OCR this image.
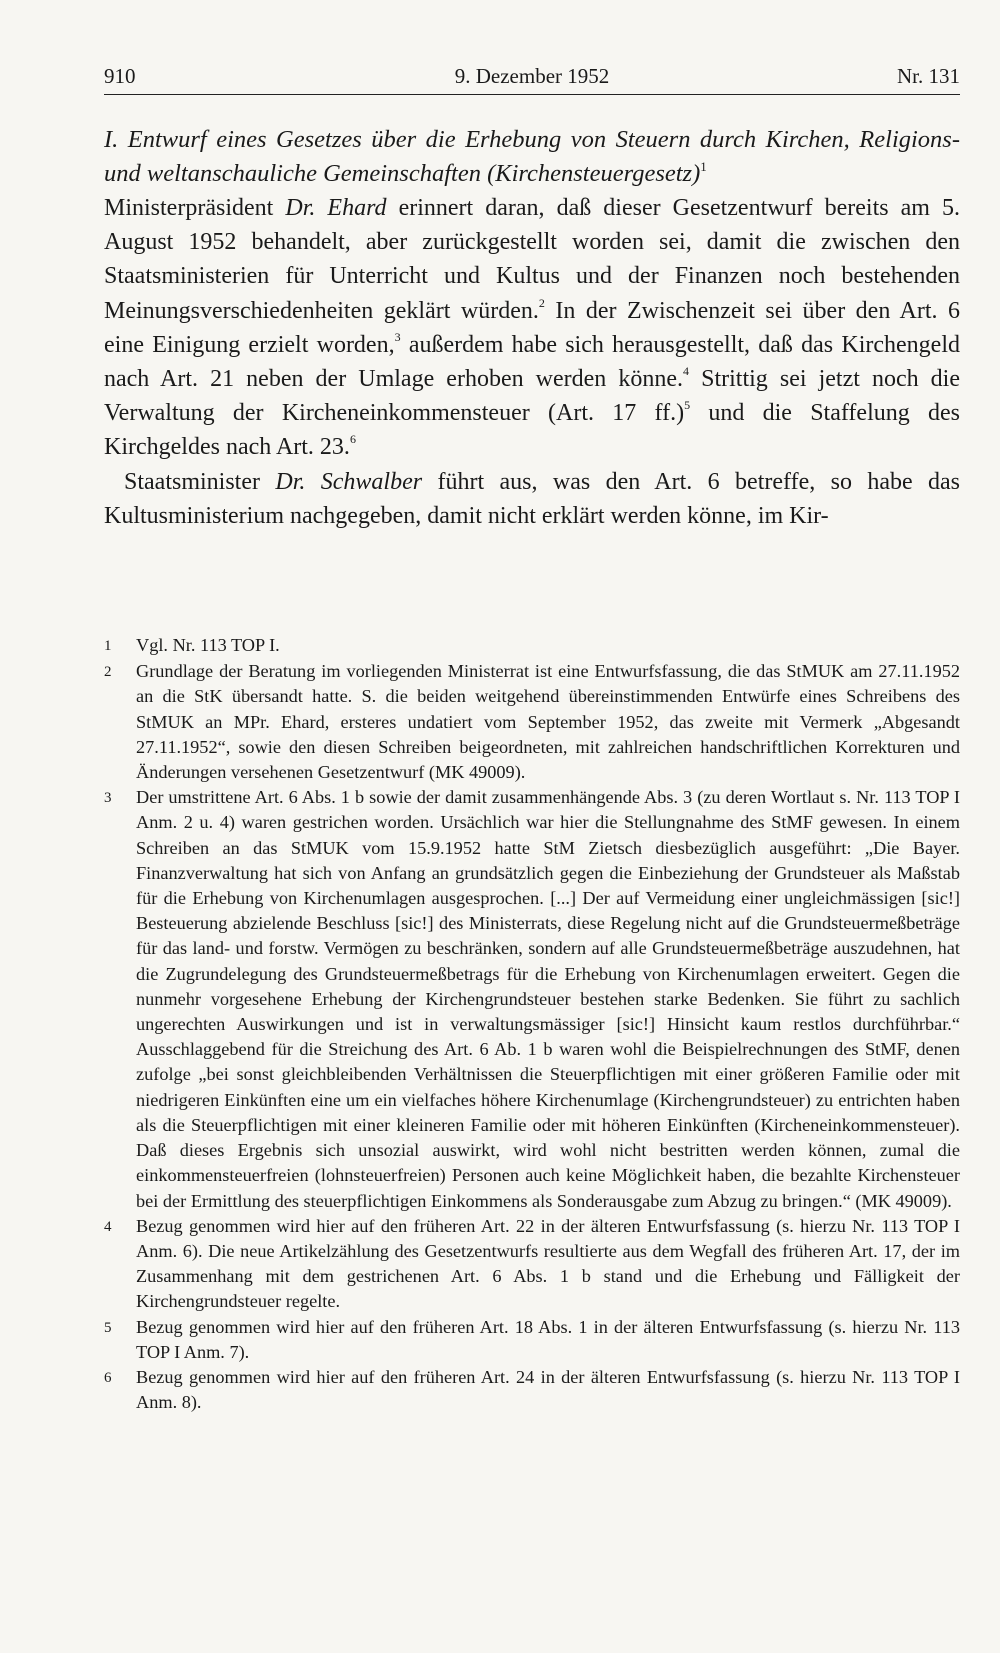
910	9. Dezember 1952	Nr. 131
I. Entwurf eines Gesetzes über die Erhebung von Steuern durch Kirchen, Religions- und weltanschauliche Gemeinschaften (Kirchensteuergesetz)$^1$

Ministerpräsident Dr. Ehard erinnert daran, daß dieser Gesetzentwurf bereits am 5. August 1952 behandelt, aber zurückgestellt worden sei, damit die zwischen den Staatsministerien für Unterricht und Kultus und der Finanzen noch bestehenden Meinungsverschiedenheiten geklärt würden.$^2$ In der Zwischenzeit sei über den Art. 6 eine Einigung erzielt worden,$^3$ außerdem habe sich herausgestellt, daß das Kirchengeld nach Art. 21 neben der Umlage erhoben werden könne.$^4$ Strittig sei jetzt noch die Verwaltung der Kircheneinkommensteuer (Art. 17 ff.)$^5$ und die Staffelung des Kirchgeldes nach Art. 23.$^6$

Staatsminister Dr. Schwalber führt aus, was den Art. 6 betreffe, so habe das Kultusministerium nachgegeben, damit nicht erklärt werden könne, im Kir-

1	Vgl. Nr. 113 TOP I.
2	Grundlage der Beratung im vorliegenden Ministerrat ist eine Entwurfsfassung, die das StMUK am 27.11.1952 an die StK übersandt hatte. S. die beiden weitgehend übereinstimmenden Entwürfe eines Schreibens des StMUK an MPr. Ehard, ersteres undatiert vom September 1952, das zweite mit Vermerk „Abgesandt 27.11.1952“, sowie den diesen Schreiben beigeordneten, mit zahlreichen handschriftlichen Korrekturen und Änderungen versehenen Gesetzentwurf (MK 49009).
3	Der umstrittene Art. 6 Abs. 1 b sowie der damit zusammenhängende Abs. 3 (zu deren Wortlaut s. Nr. 113 TOP I Anm. 2 u. 4) waren gestrichen worden. Ursächlich war hier die Stellungnahme des StMF gewesen. In einem Schreiben an das StMUK vom 15.9.1952 hatte StM Zietsch diesbezüglich ausgeführt: „Die Bayer. Finanzverwaltung hat sich von Anfang an grundsätzlich gegen die Einbeziehung der Grundsteuer als Maßstab für die Erhebung von Kirchenumlagen ausgesprochen. [...] Der auf Vermeidung einer ungleichmässigen [sic!] Besteuerung abzielende Beschluss [sic!] des Ministerrats, diese Regelung nicht auf die Grundsteuermeßbeträge für das land- und forstw. Vermögen zu beschränken, sondern auf alle Grundsteuermeßbeträge auszudehnen, hat die Zugrundelegung des Grundsteuermeßbetrags für die Erhebung von Kirchenumlagen erweitert. Gegen die nunmehr vorgesehene Erhebung der Kirchengrundsteuer bestehen starke Bedenken. Sie führt zu sachlich ungerechten Auswirkungen und ist in verwaltungsmässiger [sic!] Hinsicht kaum restlos durchführbar.“ Ausschlaggebend für die Streichung des Art. 6 Ab. 1 b waren wohl die Beispielrechnungen des StMF, denen zufolge „bei sonst gleichbleibenden Verhältnissen die Steuerpflichtigen mit einer größeren Familie oder mit niedrigeren Einkünften eine um ein vielfaches höhere Kirchenumlage (Kirchengrundsteuer) zu entrichten haben als die Steuerpflichtigen mit einer kleineren Familie oder mit höheren Einkünften (Kircheneinkommensteuer). Daß dieses Ergebnis sich unsozial auswirkt, wird wohl nicht bestritten werden können, zumal die einkommensteuerfreien (lohnsteuerfreien) Personen auch keine Möglichkeit haben, die bezahlte Kirchensteuer bei der Ermittlung des steuerpflichtigen Einkommens als Sonderausgabe zum Abzug zu bringen.“ (MK 49009).
4	Bezug genommen wird hier auf den früheren Art. 22 in der älteren Entwurfsfassung (s. hierzu Nr. 113 TOP I Anm. 6). Die neue Artikelzählung des Gesetzentwurfs resultierte aus dem Wegfall des früheren Art. 17, der im Zusammenhang mit dem gestrichenen Art. 6 Abs. 1 b stand und die Erhebung und Fälligkeit der Kirchengrundsteuer regelte.
5	Bezug genommen wird hier auf den früheren Art. 18 Abs. 1 in der älteren Entwurfsfassung (s. hierzu Nr. 113 TOP I Anm. 7).
6	Bezug genommen wird hier auf den früheren Art. 24 in der älteren Entwurfsfassung (s. hierzu Nr. 113 TOP I Anm. 8).
